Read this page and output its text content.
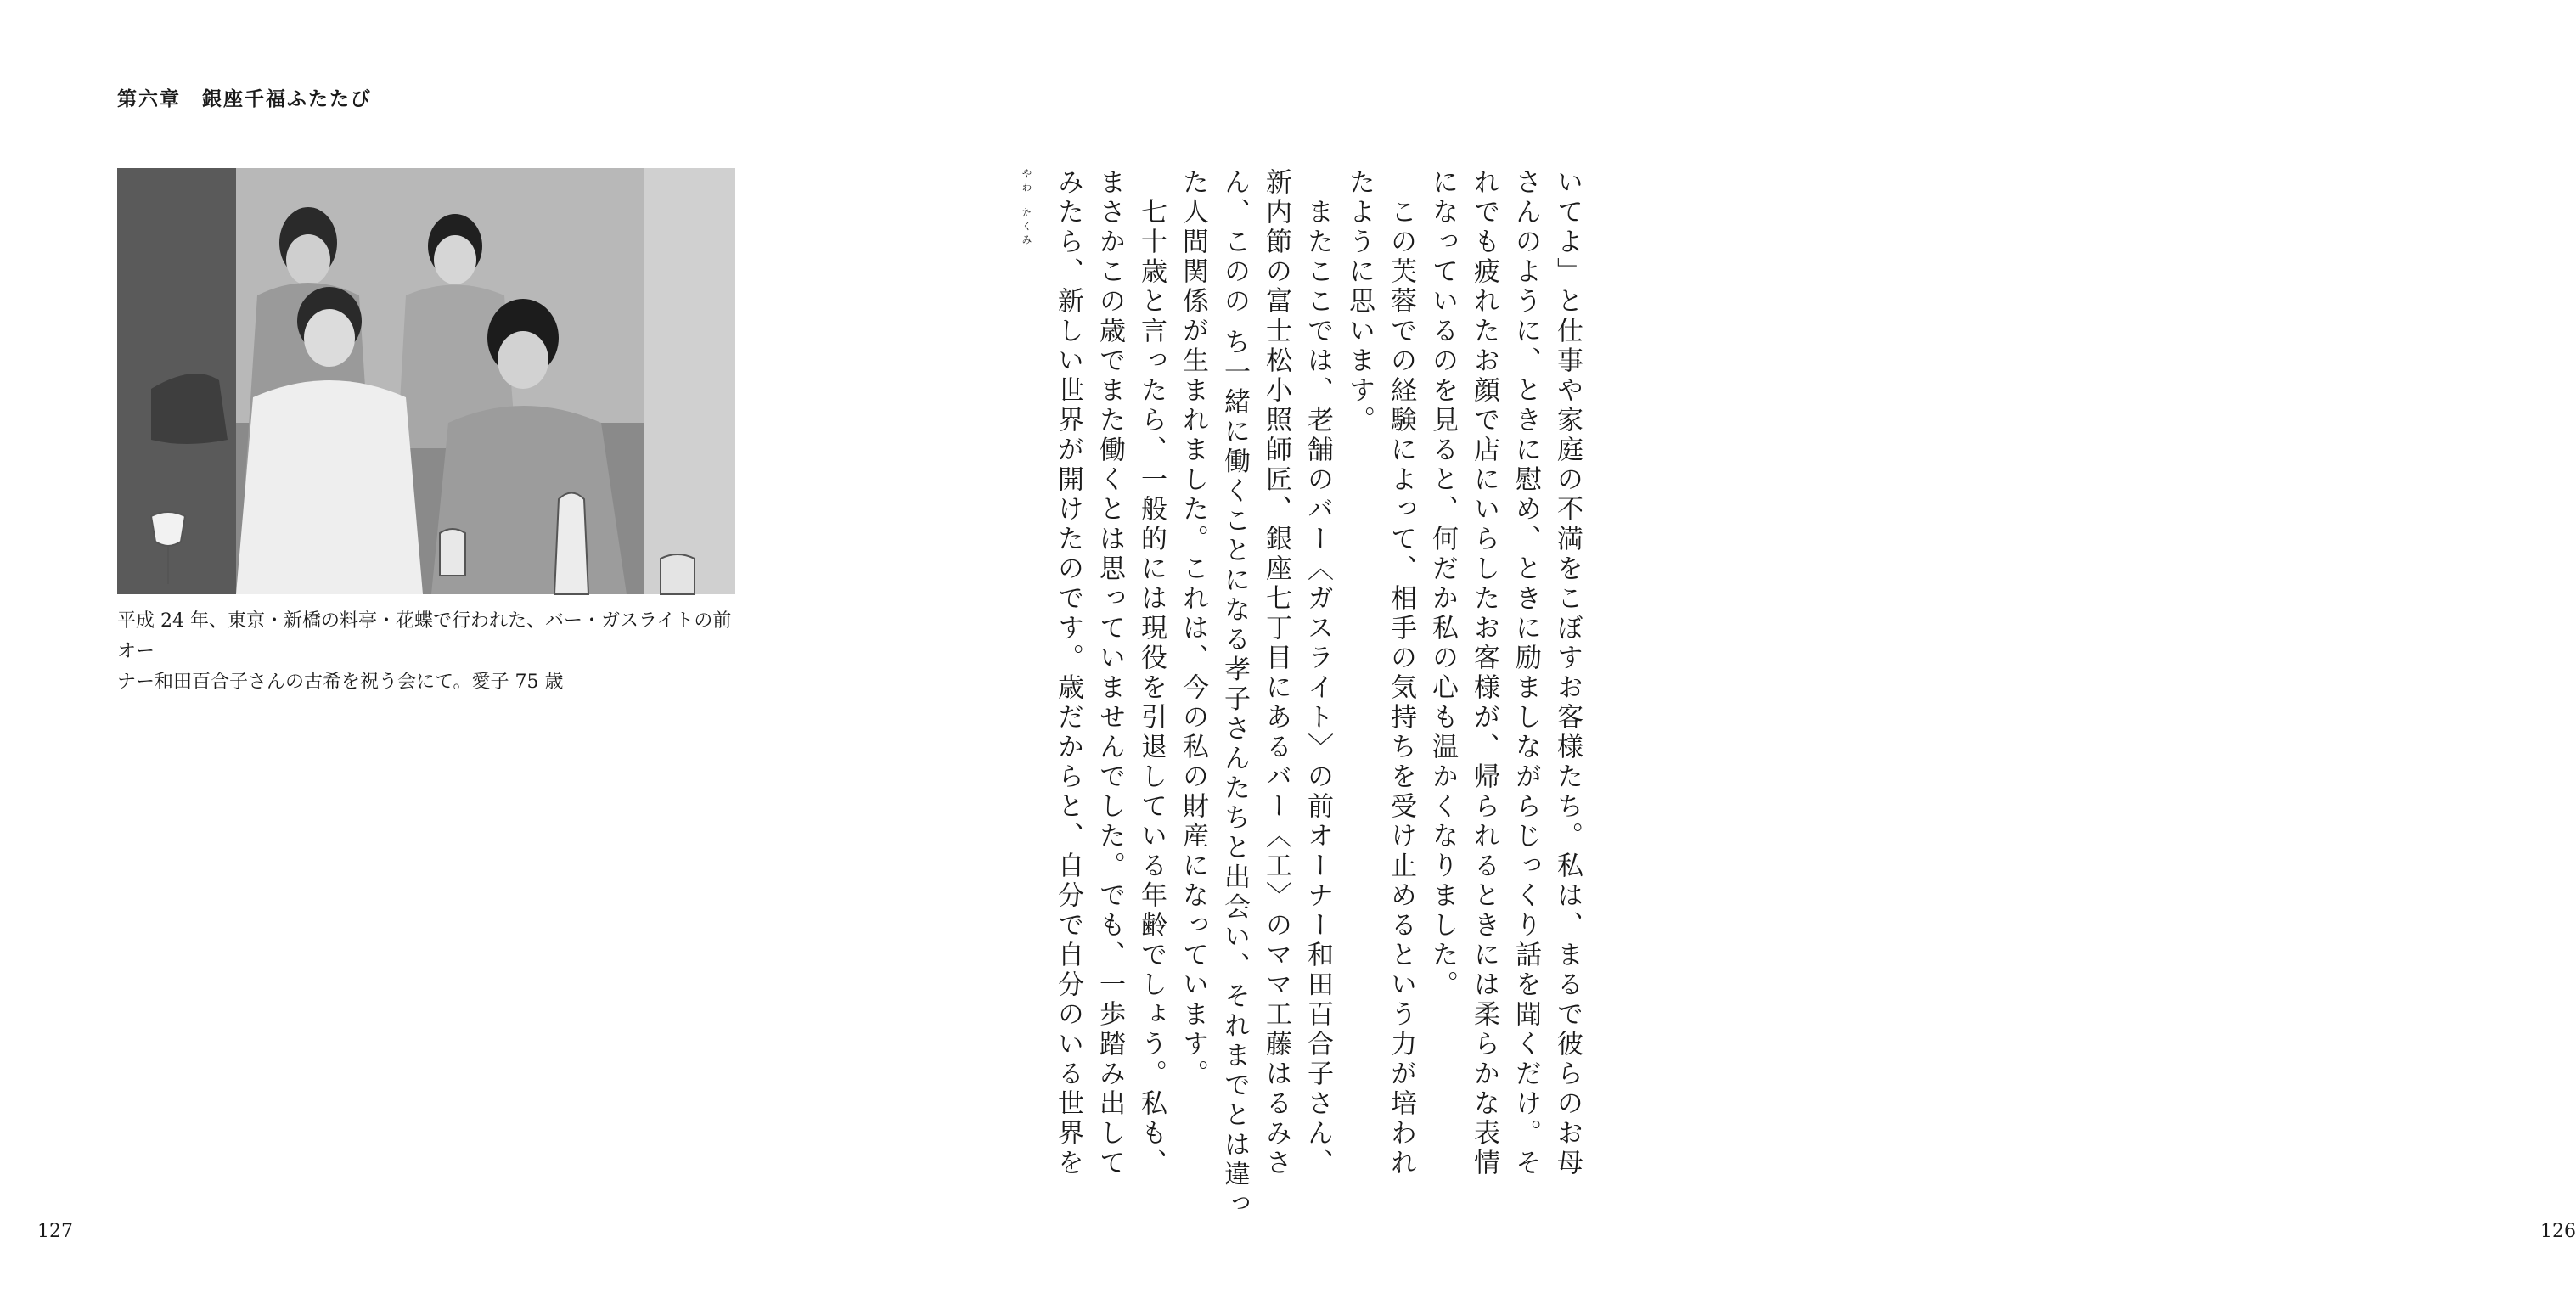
第六章　銀座千福ふたたび

平成 24 年、東京・新橋の料亭・花蝶で行われた、バー・ガスライトの前オー

ナー和田百合子さんの古希を祝う会にて。愛子 75 歳

127	126
いてよ」と仕事や家庭の不満をこぼすお客様たち。私は、まるで彼らのお母
さんのように、ときに慰め、ときに励ましながらじっくり話を聞くだけ。そ
れでも疲れたお顔で店にいらしたお客様が、帰られるときには柔らかな表情
になっているのを見ると、何だか私の心も温かくなりました。
　この芙蓉での経験によって、相手の気持ちを受け止めるという力が培われ
たように思います。
　またここでは、老舗のバー〈ガスライト〉の前オーナー和田百合子さん、
新内節の富士松小照師匠、銀座七丁目にあるバー〈工〉のママ工藤はるみさ
ん、このの ち一緒に働くことになる孝子さんたちと出会い、それまでとは違っ
た人間関係が生まれました。これは、今の私の財産になっています。
　七十歳と言ったら、一般的には現役を引退している年齢でしょう。私も、
まさかこの歳でまた働くとは思っていませんでした。でも、一歩踏み出して
みたら、新しい世界が開けたのです。歳だからと、自分で自分のいる世界を
やわ たくみ
